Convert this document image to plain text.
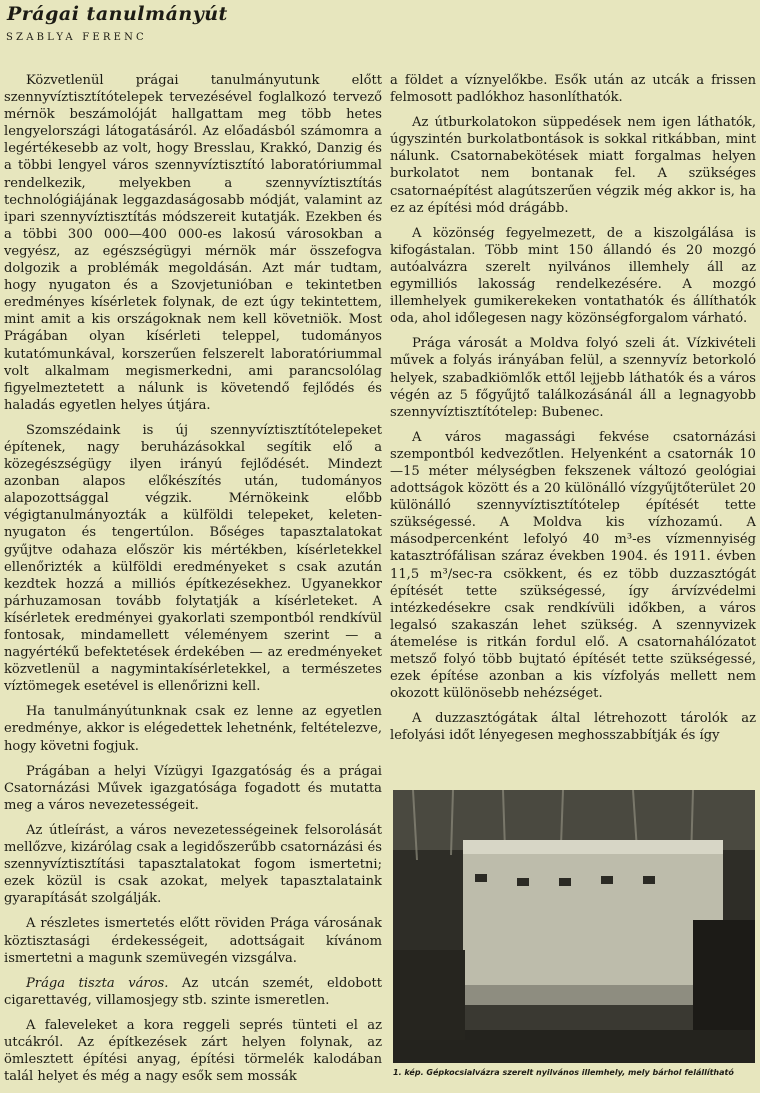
Prágai tanulmányút
SZABLYA FERENC

Közvetlenül prágai tanulmányutunk előtt szennyvíztisztítótelepek tervezésével foglalkozó tervező mérnök beszámolóját hallgattam meg több hetes lengyelországi látogatásáról. Az előadásból számomra a legértékesebb az volt, hogy Bresslau, Krakkó, Danzig és a többi lengyel város szennyvíztisztító laboratóriummal rendelkezik, melyekben a szennyvíztisztítás technológiájának leggazdaságosabb módját, valamint az ipari szennyvíztisztítás módszereit kutatják. Ezekben és a többi 300 000—400 000-es lakosú városokban a vegyész, az egészségügyi mérnök már összefogva dolgozik a problémák megoldásán. Azt már tudtam, hogy nyugaton és a Szovjetunióban e tekintetben eredményes kísérletek folynak, de ezt úgy tekintettem, mint amit a kis országoknak nem kell követniök. Most Prágában olyan kísérleti teleppel, tudományos kutatómunkával, korszerűen felszerelt laboratóriummal volt alkalmam megismerkedni, ami parancsolólag figyelmeztetett a nálunk is követendő fejlődés és haladás egyetlen helyes útjára.

Szomszédaink is új szennyvíztisztítótelepeket építenek, nagy beruházásokkal segítik elő a közegészségügy ilyen irányú fejlődését. Mindezt azonban alapos előkészítés után, tudományos alapozottsággal végzik. Mérnökeink előbb végigtanulmányozták a külföldi telepeket, keleten-nyugaton és tengertúlon. Bőséges tapasztalatokat gyűjtve odahaza először kis mértékben, kísérletekkel ellenőrizték a külföldi eredményeket s csak azután kezdtek hozzá a milliós építkezésekhez. Ugyanekkor párhuzamosan tovább folytatják a kísérleteket. A kísérletek eredményei gyakorlati szempontból rendkívül fontosak, mindamellett véleményem szerint — a nagyértékű befektetések érdekében — az eredményeket közvetlenül a nagymintakísérletekkel, a természetes víztömegek esetével is ellenőrizni kell.

Ha tanulmányútunknak csak ez lenne az egyetlen eredménye, akkor is elégedettek lehetnénk, feltételezve, hogy követni fogjuk.

Prágában a helyi Vízügyi Igazgatóság és a prágai Csatornázási Művek igazgatósága fogadott és mutatta meg a város nevezetességeit.

Az útleírást, a város nevezetességeinek felsorolását mellőzve, kizárólag csak a legidőszerűbb csatornázási és szennyvíztisztítási tapasztalatokat fogom ismertetni; ezek közül is csak azokat, melyek tapasztalataink gyarapítását szolgálják.

A részletes ismertetés előtt röviden Prága városának köztisztasági érdekességeit, adottságait kívánom ismertetni a magunk szemüvegén vizsgálva.

Prága tiszta város. Az utcán szemét, eldobott cigarettavég, villamosjegy stb. szinte ismeretlen.

A faleveleket a kora reggeli seprés tünteti el az utcákról. Az építkezések zárt helyen folynak, az ömlesztett építési anyag, építési törmelék kalodában talál helyet és még a nagy esők sem mossák

a földet a víznyelőkbe. Esők után az utcák a frissen felmosott padlókhoz hasonlíthatók.

Az útburkolatokon süppedések nem igen láthatók, úgyszintén burkolatbontások is sokkal ritkábban, mint nálunk. Csatornabekötések miatt forgalmas helyen burkolatot nem bontanak fel. A szükséges csatornaépítést alagútszerűen végzik még akkor is, ha ez az építési mód drágább.

A közönség fegyelmezett, de a kiszolgálása is kifogástalan. Több mint 150 állandó és 20 mozgó autóalvázra szerelt nyilvános illemhely áll az egymilliós lakosság rendelkezésére. A mozgó illemhelyek gumikerekeken vontathatók és állíthatók oda, ahol időlegesen nagy közönségforgalom várható.

Prága városát a Moldva folyó szeli át. Vízkivételi művek a folyás irányában felül, a szennyvíz betorkoló helyek, szabadkiömlők ettől lejjebb láthatók és a város végén az 5 főgyűjtő találkozásánál áll a legnagyobb szennyvíztisztítótelep: Bubenec.

A város magassági fekvése csatornázási szempontból kedvezőtlen. Helyenként a csatornák 10—15 méter mélységben fekszenek változó geológiai adottságok között és a 20 különálló vízgyűjtőterület 20 különálló szennyvíztisztítótelep építését tette szükségessé. A Moldva kis vízhozamú. A másodpercenként lefolyó 40 m³-es vízmennyiség katasztrófálisan száraz években 1904. és 1911. évben 11,5 m³/sec-ra csökkent, és ez több duzzasztógát építését tette szükségessé, így árvízvédelmi intézkedésekre csak rendkívüli időkben, a város legalsó szakaszán lehet szükség. A szennyvizek átemelése is ritkán fordul elő. A csatornahálózatot metsző folyó több bujtató építését tette szükségessé, ezek építése azonban a kis vízfolyás mellett nem okozott különösebb nehézséget.

A duzzasztógátak által létrehozott tárolók az lefolyási időt lényegesen meghosszabbítják és így

1. kép. Gépkocsialvázra szerelt nyilvános illemhely, mely bárhol felállítható
